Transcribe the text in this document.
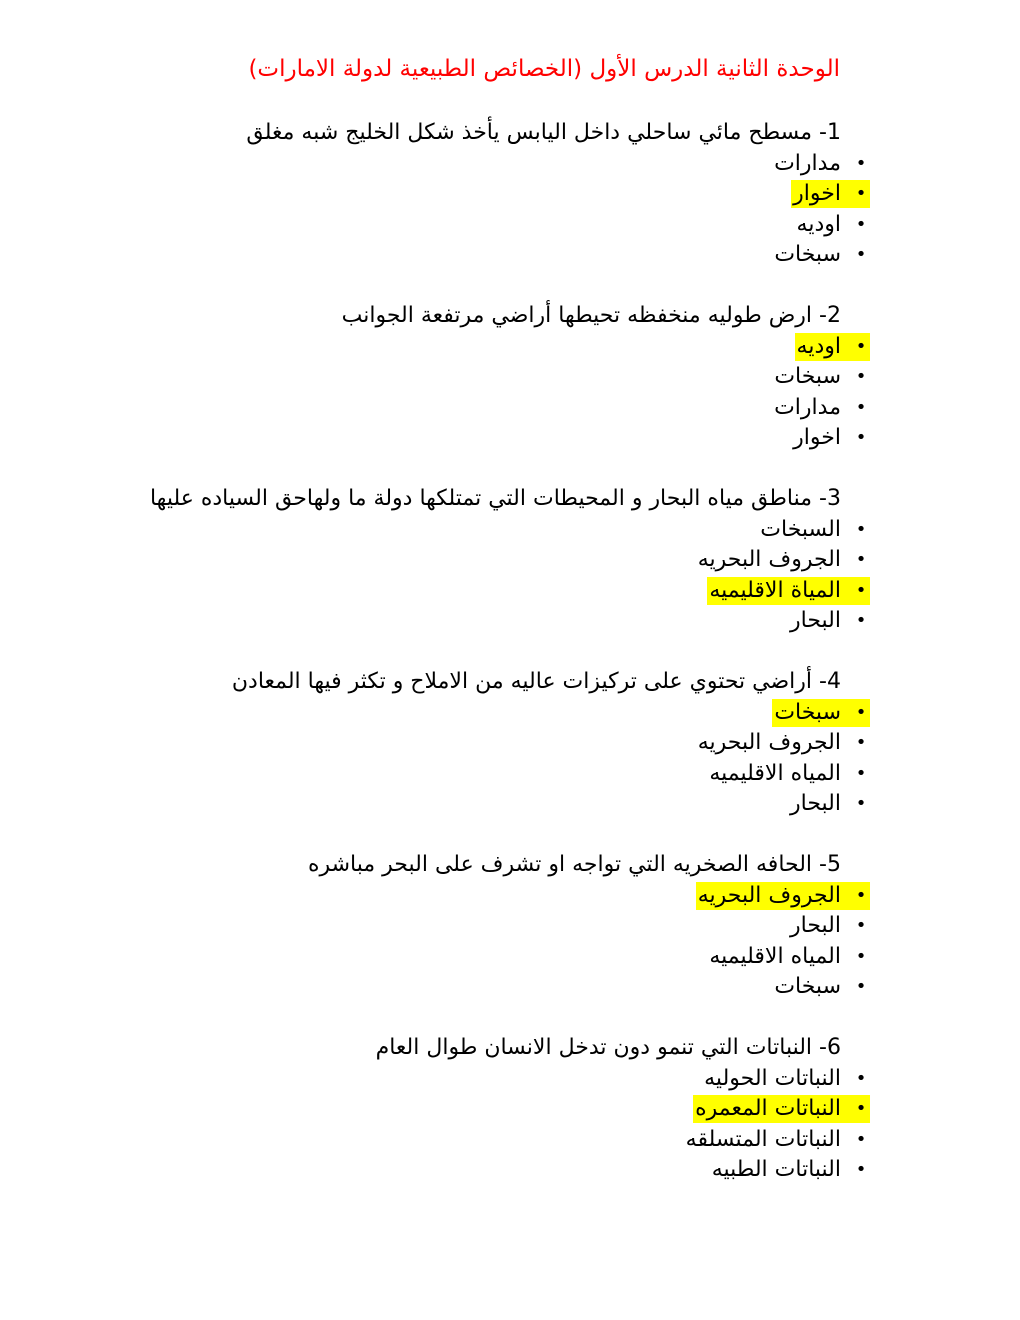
الوحدة الثانية الدرس الأول (الخصائص الطبيعية لدولة الامارات)
1- مسطح مائي ساحلي داخل اليابس يأخذ شكل الخليج شبه مغلق
مدارات •
اخوار •
اوديه •
سبخات •
2- ارض طوليه منخفظه تحيطها أراضي مرتفعة الجوانب
اوديه •
سبخات •
مدارات •
اخوار •
3- مناطق مياه البحار و المحيطات التي تمتلكها دولة ما ولهاحق السياده عليها
السبخات •
الجروف البحريه •
المياة الاقليميه •
البحار •
4- أراضي تحتوي على تركيزات عاليه من الاملاح و تكثر فيها المعادن
سبخات •
الجروف البحريه •
المياه الاقليميه •
البحار •
5- الحافه الصخريه التي تواجه او تشرف على البحر مباشره
الجروف البحريه •
البحار •
المياه الاقليميه •
سبخات •
6- النباتات التي تنمو دون تدخل الانسان طوال العام
النباتات الحوليه •
النباتات المعمره •
النباتات المتسلقه •
النباتات الطبيه •
